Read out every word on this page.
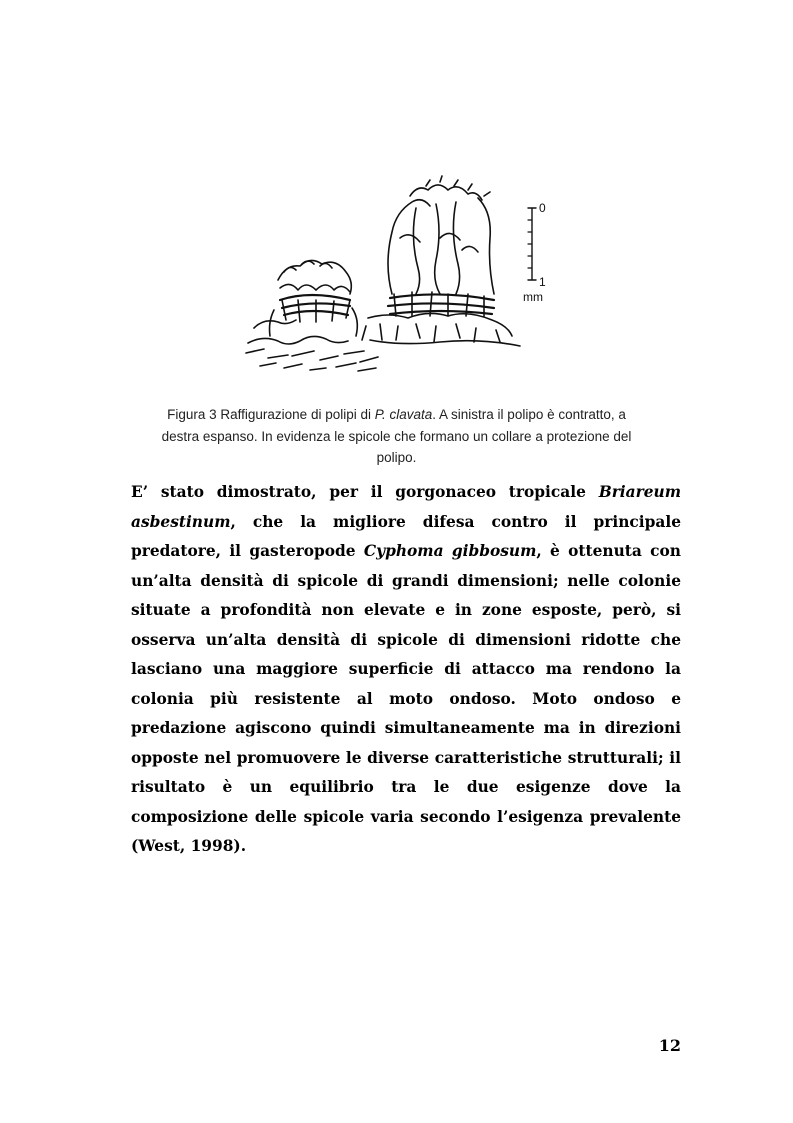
0
1
mm
Figura 3 Raffigurazione di polipi di P. clavata. A sinistra il polipo è contratto, a destra espanso. In evidenza le spicole che formano un collare a protezione del polipo.

E’ stato dimostrato, per il gorgonaceo tropicale Briareum asbestinum, che la migliore difesa contro il principale predatore, il gasteropode Cyphoma gibbosum, è ottenuta con un’alta densità di spicole di grandi dimensioni; nelle colonie situate a profondità non elevate e in zone esposte, però, si osserva un’alta densità di spicole di dimensioni ridotte che lasciano una maggiore superficie di attacco ma rendono la colonia più resistente al moto ondoso. Moto ondoso e predazione agiscono quindi simultaneamente ma in direzioni opposte nel promuovere le diverse caratteristiche strutturali; il risultato è un equilibrio tra le due esigenze dove la composizione delle spicole varia secondo l’esigenza prevalente (West, 1998).

12
